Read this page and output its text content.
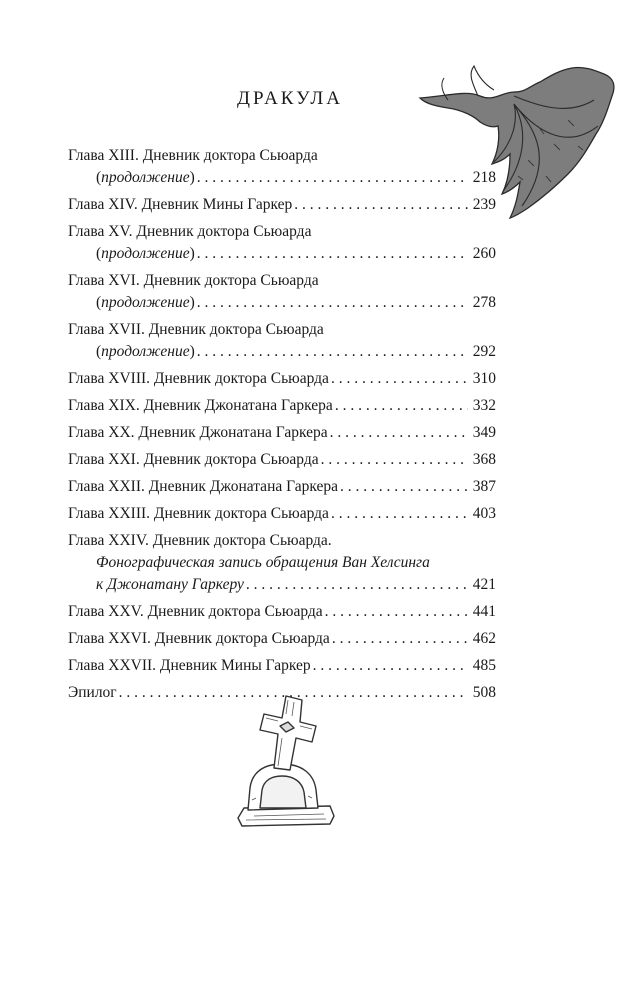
ДРАКУЛА
Глава XIII. Дневник доктора Сьюарда
( продолжение ) . . .	218
Глава XIV. Дневник Мины Гаркер . . .	239
Глава XV. Дневник доктора Сьюарда
( продолжение ) . . .	260
Глава XVI. Дневник доктора Сьюарда
( продолжение ) . . .	278
Глава XVII. Дневник доктора Сьюарда
( продолжение ) . . .	292
Глава XVIII. Дневник доктора Сьюарда . . .	310
Глава XIX. Дневник Джонатана Гаркера . . .	332
Глава XX. Дневник Джонатана Гаркера . . .	349
Глава XXI. Дневник доктора Сьюарда . . .	368
Глава XXII. Дневник Джонатана Гаркера . . .	387
Глава XXIII. Дневник доктора Сьюарда . . .	403
Глава XXIV. Дневник доктора Сьюарда.
Фонографическая запись обращения Ван Хелсинга
к Джонатану Гаркеру . . .	421
Глава XXV. Дневник доктора Сьюарда . . .	441
Глава XXVI. Дневник доктора Сьюарда . . .	462
Глава XXVII. Дневник Мины Гаркер . . .	485
Эпилог . . .	508
